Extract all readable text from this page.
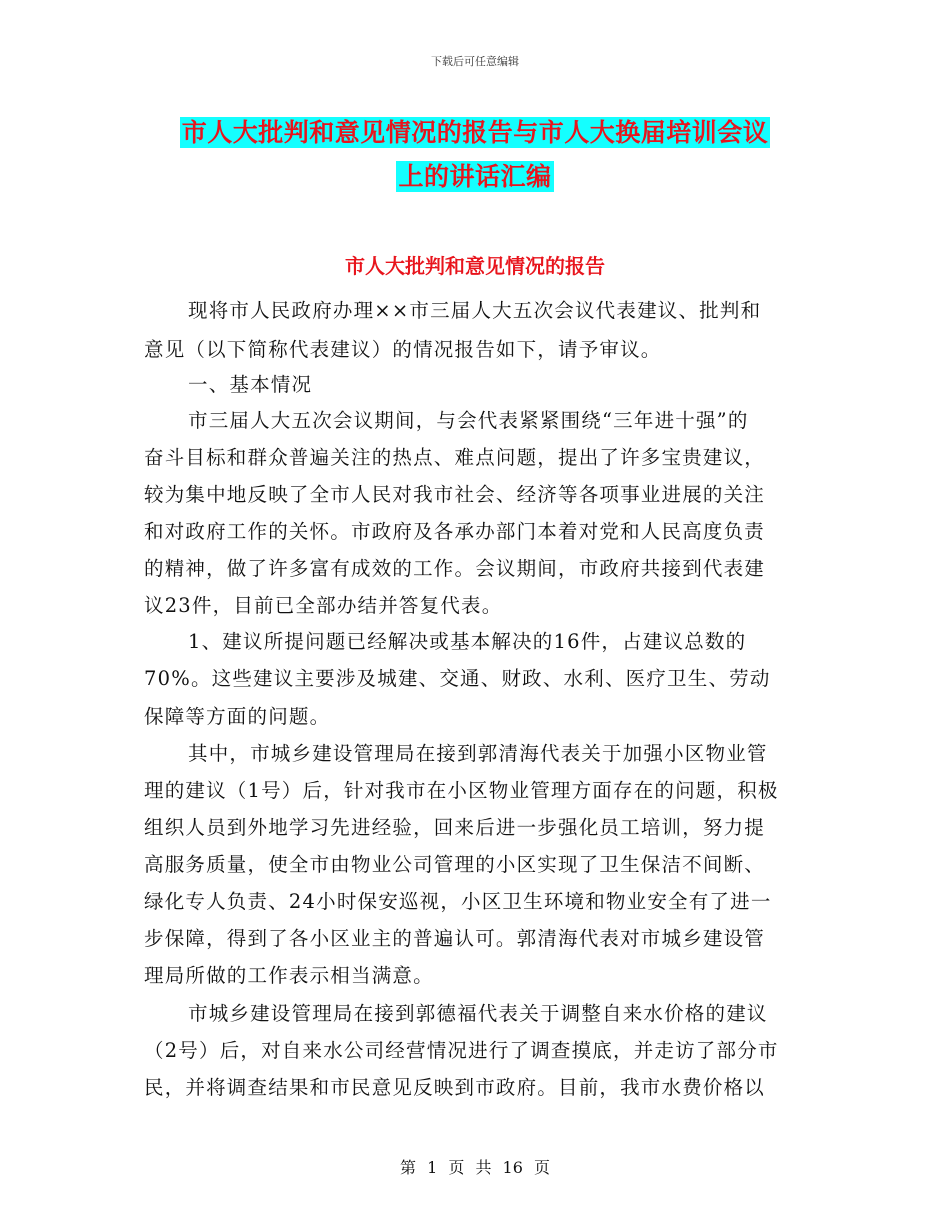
下载后可任意编辑
市人大批判和意见情况的报告与市人大换届培训会议
上的讲话汇编
市人大批判和意见情况的报告
现将市人民政府办理××市三届人大五次会议代表建议、批判和
意见（以下简称代表建议）的情况报告如下，请予审议。
一、基本情况
市三届人大五次会议期间，与会代表紧紧围绕“三年进十强”的
奋斗目标和群众普遍关注的热点、难点问题，提出了许多宝贵建议，
较为集中地反映了全市人民对我市社会、经济等各项事业进展的关注
和对政府工作的关怀。市政府及各承办部门本着对党和人民高度负责
的精神，做了许多富有成效的工作。会议期间，市政府共接到代表建
议23件，目前已全部办结并答复代表。
1、建议所提问题已经解决或基本解决的16件，占建议总数的
70%。这些建议主要涉及城建、交通、财政、水利、医疗卫生、劳动
保障等方面的问题。
其中，市城乡建设管理局在接到郭清海代表关于加强小区物业管
理的建议（1号）后，针对我市在小区物业管理方面存在的问题，积极
组织人员到外地学习先进经验，回来后进一步强化员工培训，努力提
高服务质量，使全市由物业公司管理的小区实现了卫生保洁不间断、
绿化专人负责、24小时保安巡视，小区卫生环境和物业安全有了进一
步保障，得到了各小区业主的普遍认可。郭清海代表对市城乡建设管
理局所做的工作表示相当满意。
市城乡建设管理局在接到郭德福代表关于调整自来水价格的建议
（2号）后，对自来水公司经营情况进行了调查摸底，并走访了部分市
民，并将调查结果和市民意见反映到市政府。目前，我市水费价格以
第 1 页 共 16 页
